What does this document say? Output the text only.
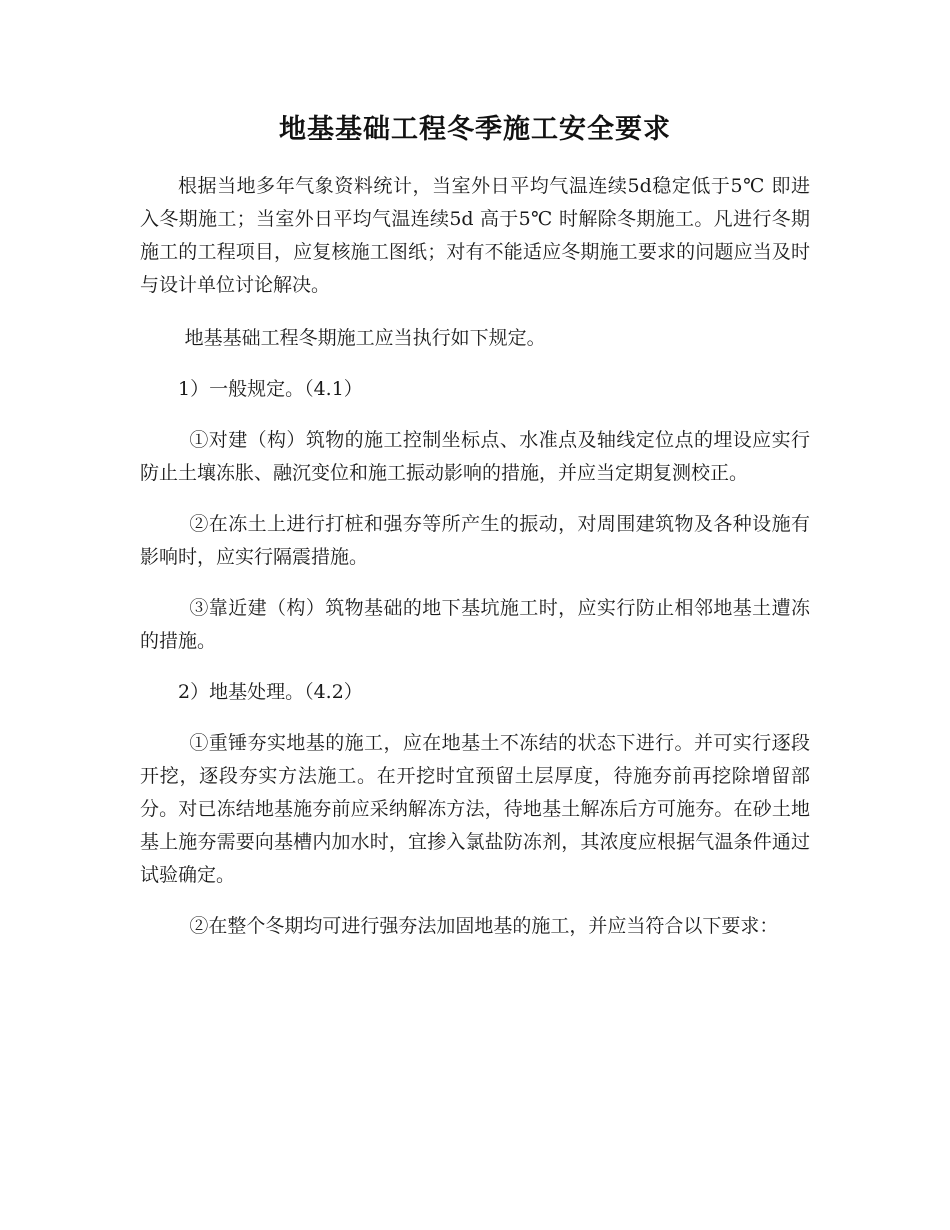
地基基础工程冬季施工安全要求

根据当地多年气象资料统计，当室外日平均气温连续5d稳定低于5℃ 即进入冬期施工；当室外日平均气温连续5d 高于5℃ 时解除冬期施工。凡进行冬期施工的工程项目，应复核施工图纸；对有不能适应冬期施工要求的问题应当及时与设计单位讨论解决。

地基基础工程冬期施工应当执行如下规定。

1）一般规定。（4.1）

①对建（构）筑物的施工控制坐标点、水准点及轴线定位点的埋设应实行防止土壤冻胀、融沉变位和施工振动影响的措施，并应当定期复测校正。

②在冻土上进行打桩和强夯等所产生的振动，对周围建筑物及各种设施有影响时，应实行隔震措施。

③靠近建（构）筑物基础的地下基坑施工时，应实行防止相邻地基土遭冻的措施。

2）地基处理。（4.2）

①重锤夯实地基的施工，应在地基土不冻结的状态下进行。并可实行逐段开挖，逐段夯实方法施工。在开挖时宜预留土层厚度，待施夯前再挖除增留部分。对已冻结地基施夯前应采纳解冻方法，待地基土解冻后方可施夯。在砂土地基上施夯需要向基槽内加水时，宜掺入氯盐防冻剂，其浓度应根据气温条件通过试验确定。

②在整个冬期均可进行强夯法加固地基的施工，并应当符合以下要求：
